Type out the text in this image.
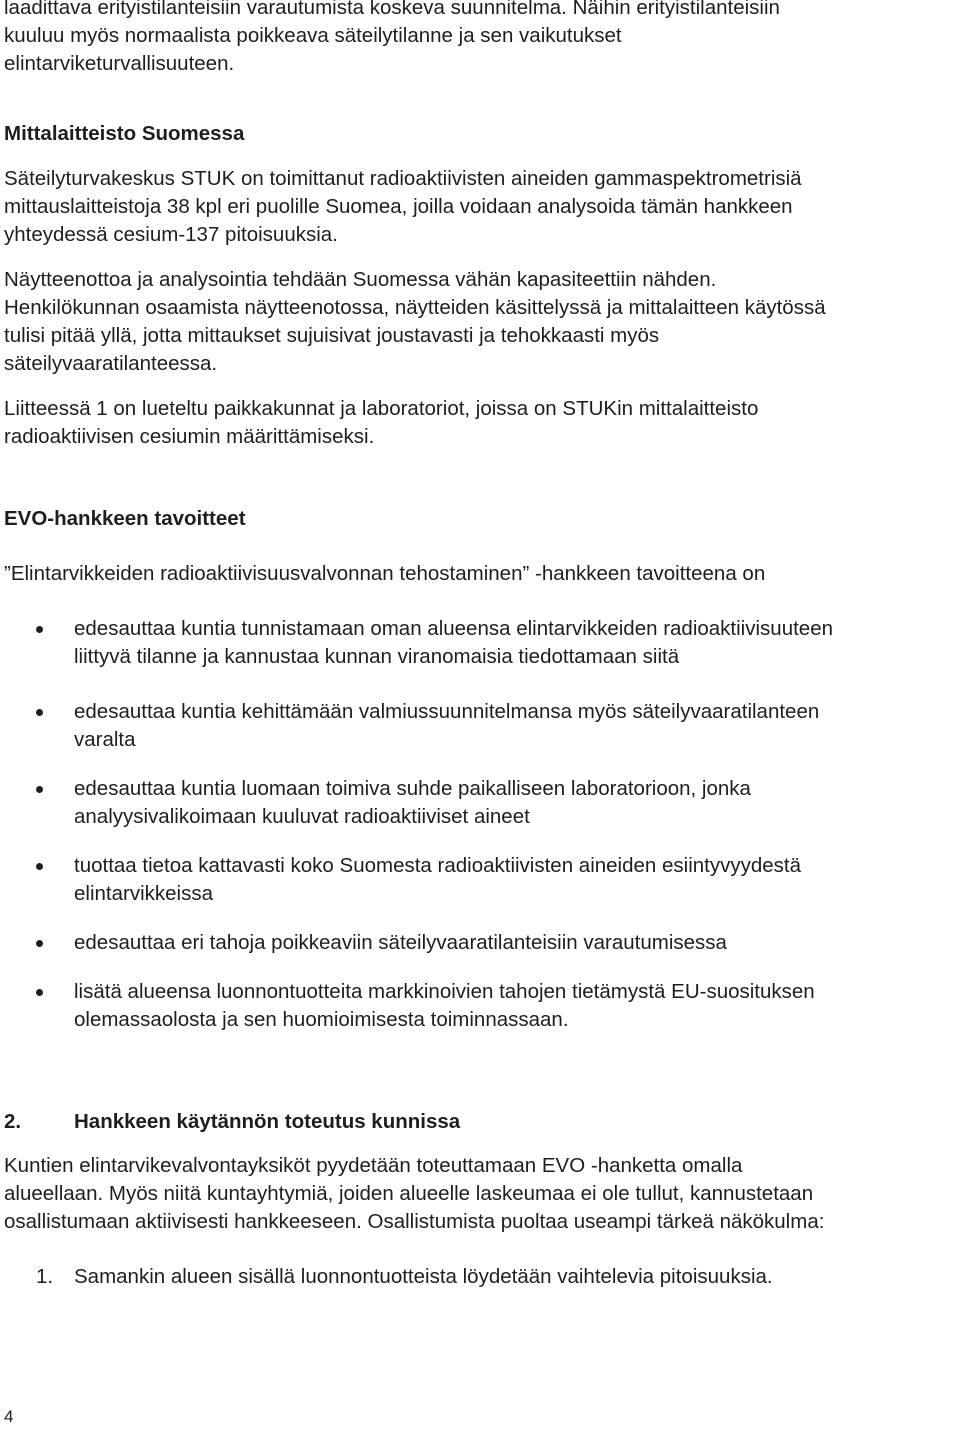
laadittava erityistilanteisiin varautumista koskeva suunnitelma. Näihin erityistilanteisiin
kuuluu myös normaalista poikkeava säteilytilanne ja sen vaikutukset
elintarviketurvallisuuteen.

Mittalaitteisto Suomessa

Säteilyturvakeskus STUK on toimittanut radioaktiivisten aineiden gammaspektrometrisiä
mittauslaitteistoja 38 kpl eri puolille Suomea, joilla voidaan analysoida tämän hankkeen
yhteydessä cesium-137 pitoisuuksia.

Näytteenottoa ja analysointia tehdään Suomessa vähän kapasiteettiin nähden.
Henkilökunnan osaamista näytteenotossa, näytteiden käsittelyssä ja mittalaitteen käytössä
tulisi pitää yllä, jotta mittaukset sujuisivat joustavasti ja tehokkaasti myös
säteilyvaaratilanteessa.

Liitteessä 1 on lueteltu paikkakunnat ja laboratoriot, joissa on STUKin mittalaitteisto
radioaktiivisen cesiumin määrittämiseksi.

EVO-hankkeen tavoitteet

”Elintarvikkeiden radioaktiivisuusvalvonnan tehostaminen” -hankkeen tavoitteena on

edesauttaa kuntia tunnistamaan oman alueensa elintarvikkeiden radioaktiivisuuteen
liittyvä tilanne ja kannustaa kunnan viranomaisia tiedottamaan siitä
edesauttaa kuntia kehittämään valmiussuunnitelmansa myös säteilyvaaratilanteen
varalta
edesauttaa kuntia luomaan toimiva suhde paikalliseen laboratorioon, jonka
analyysivalikoimaan kuuluvat radioaktiiviset aineet
tuottaa tietoa kattavasti koko Suomesta radioaktiivisten aineiden esiintyvyydestä
elintarvikkeissa
edesauttaa eri tahoja poikkeaviin säteilyvaaratilanteisiin varautumisessa
lisätä alueensa luonnontuotteita markkinoivien tahojen tietämystä EU-suosituksen
olemassaolosta ja sen huomioimisesta toiminnassaan.

2.	Hankkeen käytännön toteutus kunnissa

Kuntien elintarvikevalvontayksiköt pyydetään toteuttamaan EVO -hanketta omalla
alueellaan. Myös niitä kuntayhtymiä, joiden alueelle laskeumaa ei ole tullut, kannustetaan
osallistumaan aktiivisesti hankkeeseen. Osallistumista puoltaa useampi tärkeä näkökulma:

1. Samankin alueen sisällä luonnontuotteista löydetään vaihtelevia pitoisuuksia.
4
